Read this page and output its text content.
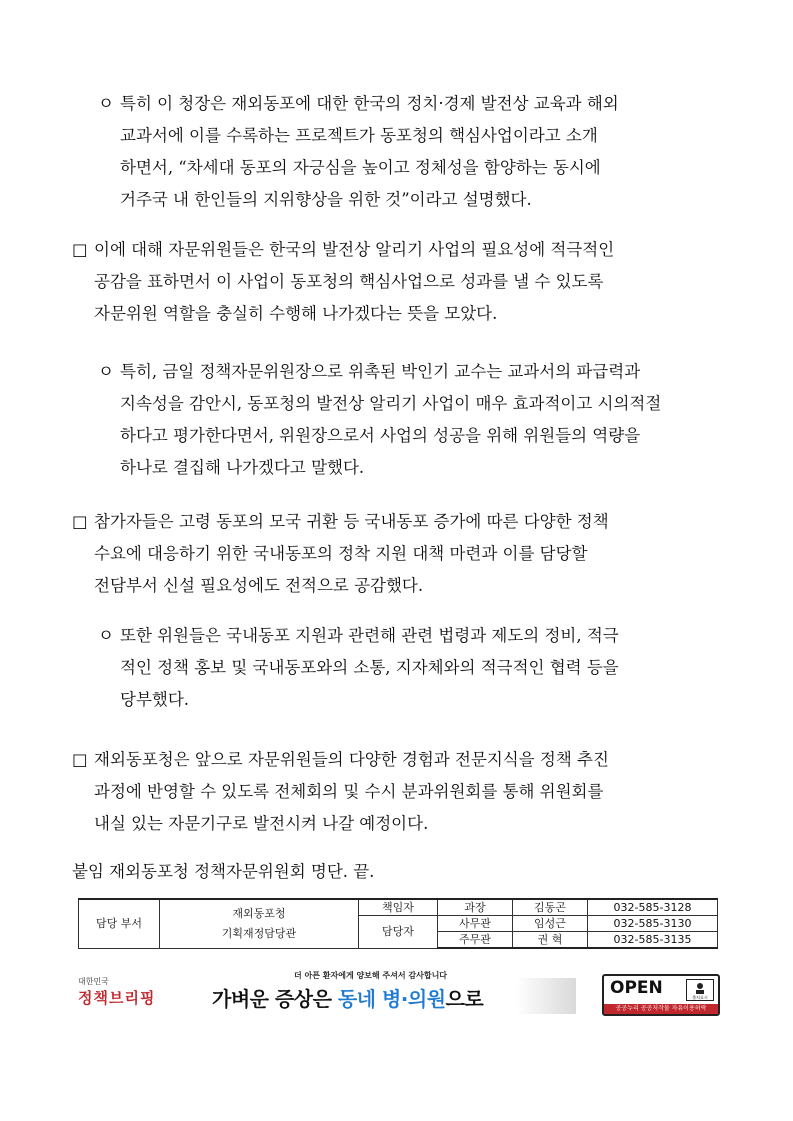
ㅇ 특히 이 청장은 재외동포에 대한 한국의 정치·경제 발전상 교육과 해외
교과서에 이를 수록하는 프로젝트가 동포청의 핵심사업이라고 소개
하면서, “차세대 동포의 자긍심을 높이고 정체성을 함양하는 동시에
거주국 내 한인들의 지위향상을 위한 것”이라고 설명했다.
□ 이에 대해 자문위원들은 한국의 발전상 알리기 사업의 필요성에 적극적인
공감을 표하면서 이 사업이 동포청의 핵심사업으로 성과를 낼 수 있도록
자문위원 역할을 충실히 수행해 나가겠다는 뜻을 모았다.
ㅇ 특히, 금일 정책자문위원장으로 위촉된 박인기 교수는 교과서의 파급력과
지속성을 감안시, 동포청의 발전상 알리기 사업이 매우 효과적이고 시의적절
하다고 평가한다면서, 위원장으로서 사업의 성공을 위해 위원들의 역량을
하나로 결집해 나가겠다고 말했다.
□ 참가자들은 고령 동포의 모국 귀환 등 국내동포 증가에 따른 다양한 정책
수요에 대응하기 위한 국내동포의 정착 지원 대책 마련과 이를 담당할
전담부서 신설 필요성에도 전적으로 공감했다.
ㅇ 또한 위원들은 국내동포 지원과 관련해 관련 법령과 제도의 정비, 적극
적인 정책 홍보 및 국내동포와의 소통, 지자체와의 적극적인 협력 등을
당부했다.
□ 재외동포청은 앞으로 자문위원들의 다양한 경험과 전문지식을 정책 추진
과정에 반영할 수 있도록 전체회의 및 수시 분과위원회를 통해 위원회를
내실 있는 자문기구로 발전시켜 나갈 예정이다.
붙임 재외동포청 정책자문위원회 명단. 끝.
담당 부서	재외동포청
기획재정담당관	책임자	과장	김동곤	032-585-3128
		담당자	사무관	임성근	032-585-3130
			주무관	권 혁	032-585-3135
대한민국
정책브리핑
더 아픈 환자에게 양보해 주셔서 감사합니다
가벼운 증상은 동네 병·의원으로	OPEN	출처표시
공공누리 공공저작물 자유이용허락
